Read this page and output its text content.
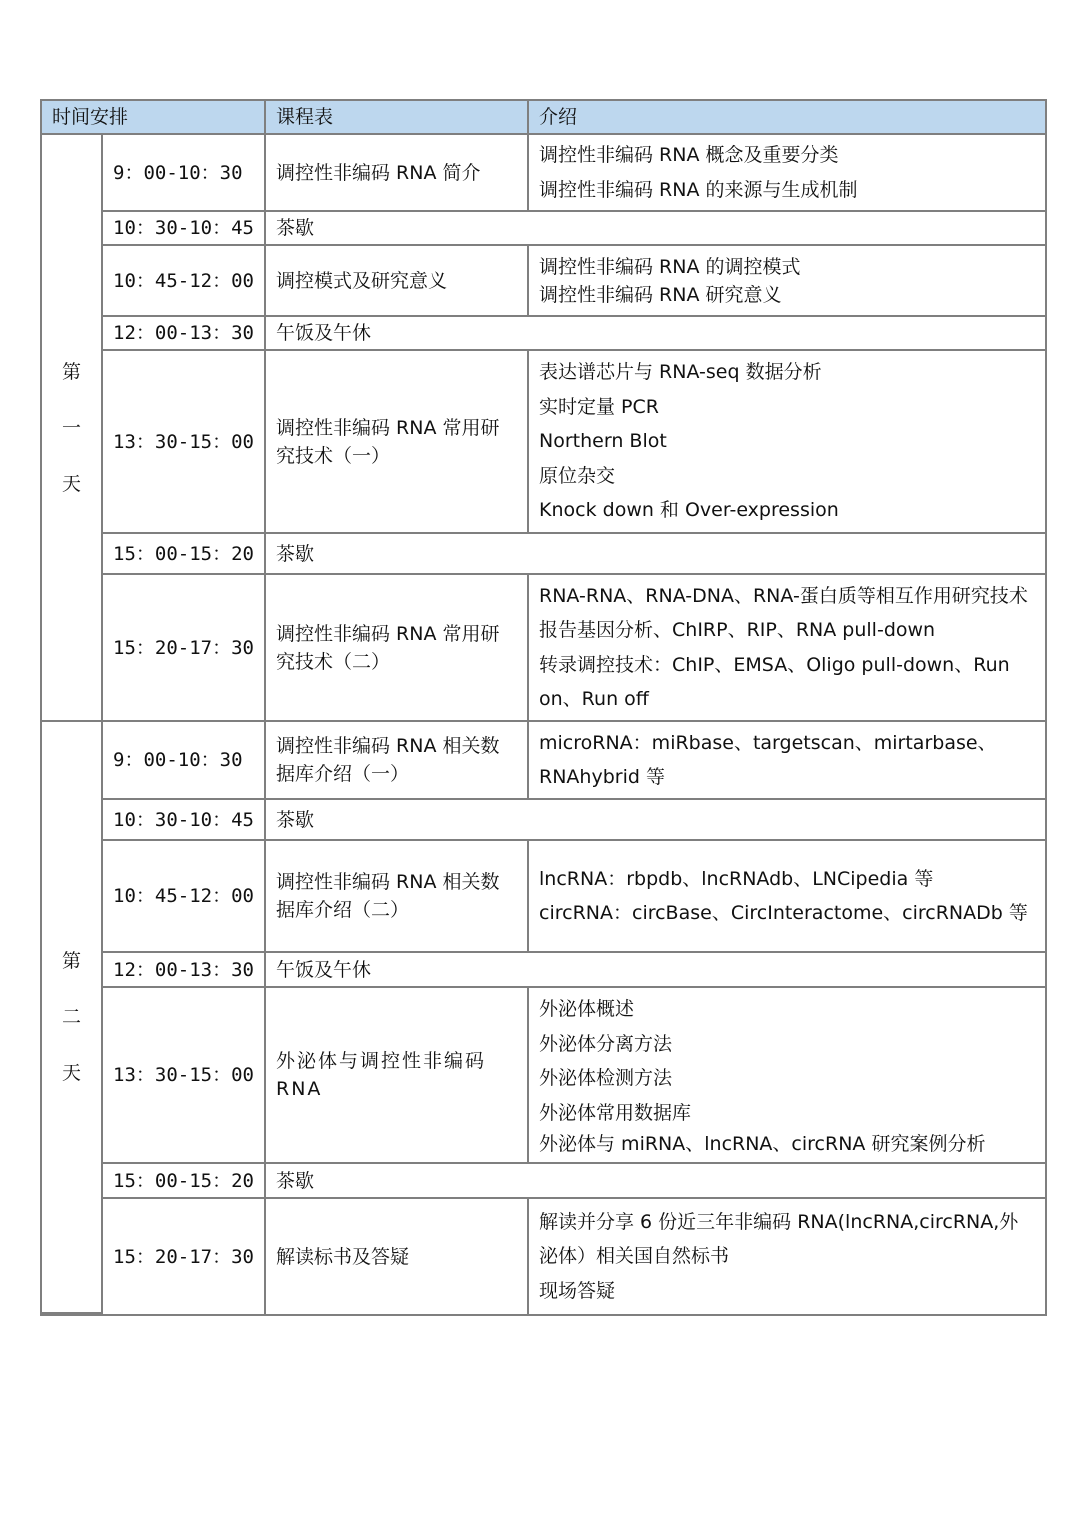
时间安排		课程表	介绍

第
一
天	9：00-10：30	调控性非编码 RNA 简介	调控性非编码 RNA 概念及重要分类
调控性非编码 RNA 的来源与生成机制

	10：30-10：45	茶歇	
	10：45-12：00	调控模式及研究意义	调控性非编码 RNA 的调控模式
调控性非编码 RNA 研究意义

	12：00-13：30	午饭及午休	
	13：30-15：00	调控性非编码 RNA 常用研究技术（一）	表达谱芯片与 RNA-seq 数据分析
实时定量 PCR
Northern Blot
原位杂交
Knock down 和 Over-expression

	15：00-15：20	茶歇	
	15：20-17：30	调控性非编码 RNA 常用研究技术（二）	RNA-RNA、RNA-DNA、RNA-蛋白质等相互作用研究技术
报告基因分析、ChIRP、RIP、RNA pull-down
转录调控技术：ChIP、EMSA、Oligo pull-down、Run on、Run off

第
二
天	9：00-10：30	调控性非编码 RNA 相关数据库介绍（一）	microRNA：miRbase、targetscan、mirtarbase、RNAhybrid 等

	10：30-10：45	茶歇	
	10：45-12：00	调控性非编码 RNA 相关数据库介绍（二）	lncRNA：rbpdb、lncRNAdb、LNCipedia 等
circRNA：circBase、CircInteractome、circRNADb 等

	12：00-13：30	午饭及午休	
	13：30-15：00	外泌体与调控性非编码 RNA	外泌体概述
外泌体分离方法
外泌体检测方法
外泌体常用数据库
外泌体与 miRNA、lncRNA、circRNA 研究案例分析

	15：00-15：20	茶歇	
	15：20-17：30	解读标书及答疑	解读并分享 6 份近三年非编码 RNA(lncRNA,circRNA,外泌体）相关国自然标书
现场答疑
